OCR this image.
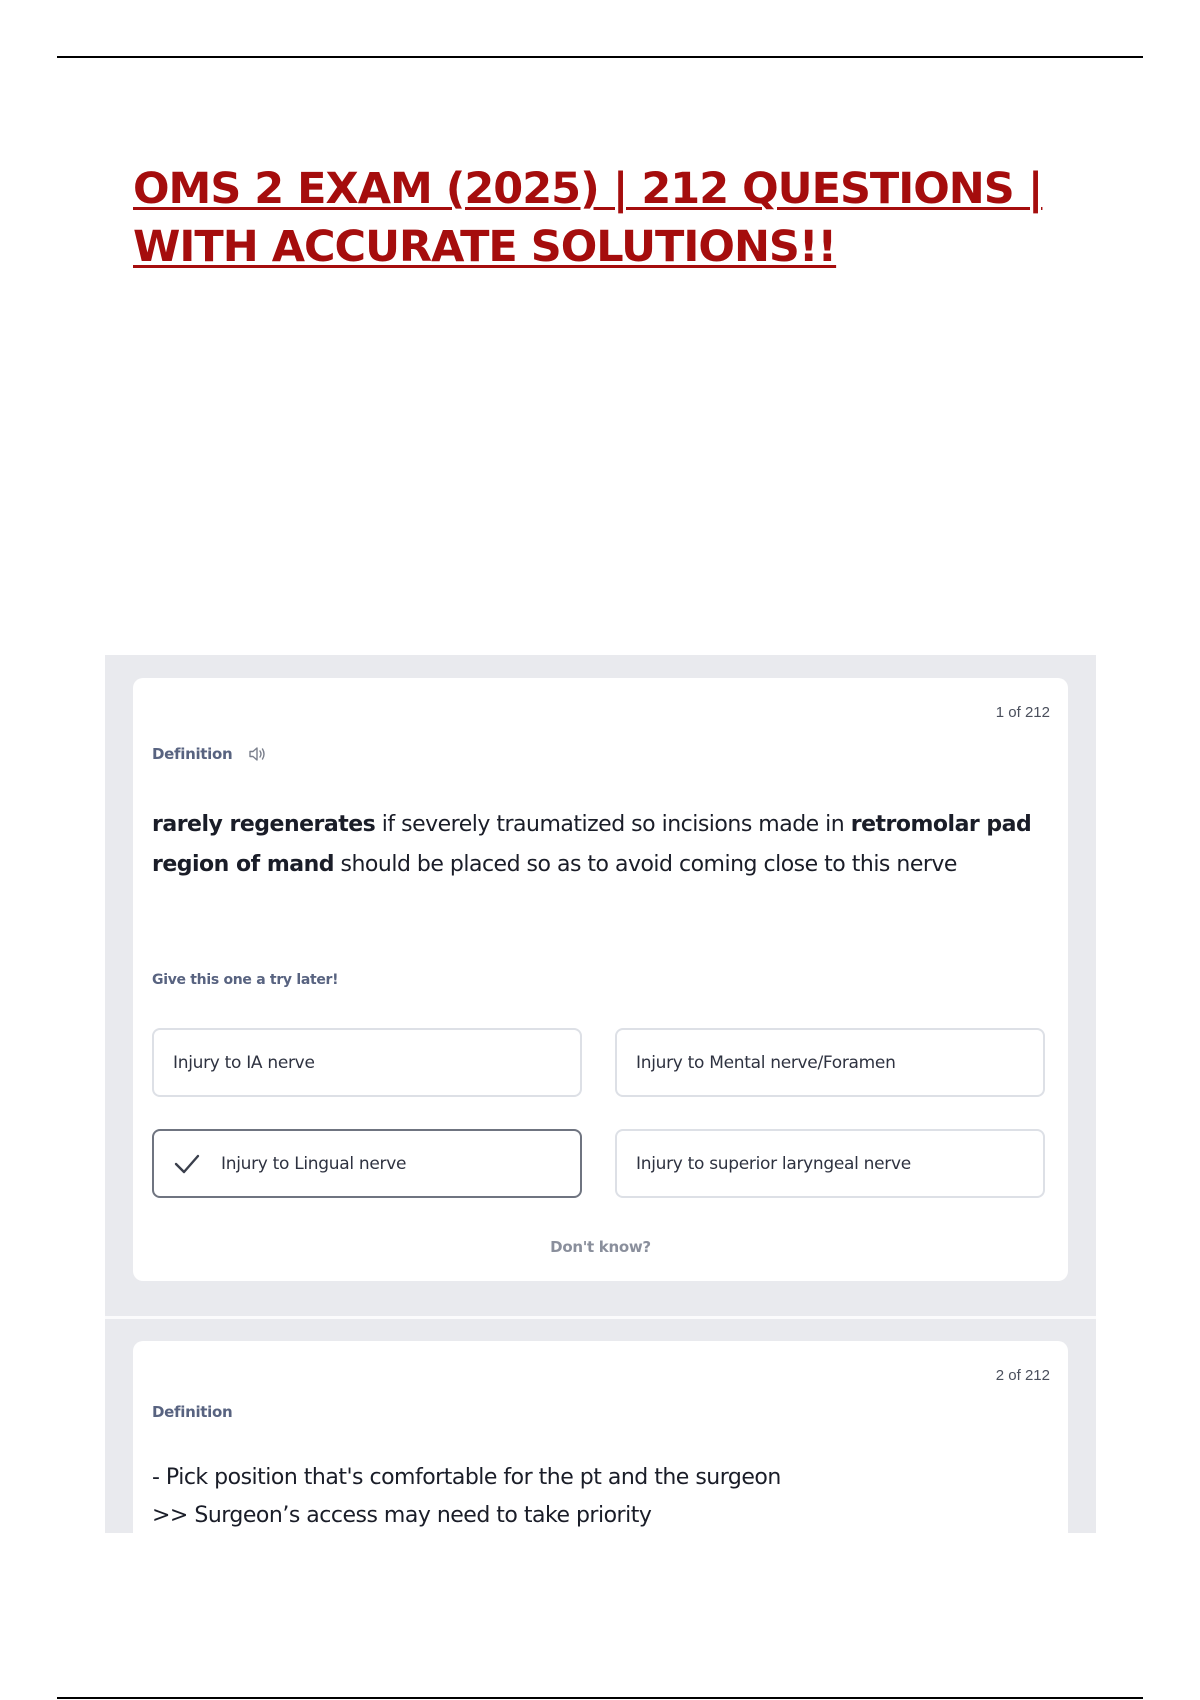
OMS 2 EXAM (2025) | 212 QUESTIONS |
WITH ACCURATE SOLUTIONS!!
1 of 212
Definition
rarely regenerates if severely traumatized so incisions made in retromolar pad region of mand should be placed so as to avoid coming close to this nerve
Give this one a try later!
Injury to IA nerve	Injury to Mental nerve/Foramen
Injury to Lingual nerve	Injury to superior laryngeal nerve
Don't know?
2 of 212
Definition
- Pick position that's comfortable for the pt and the surgeon
>> Surgeon’s access may need to take priority
